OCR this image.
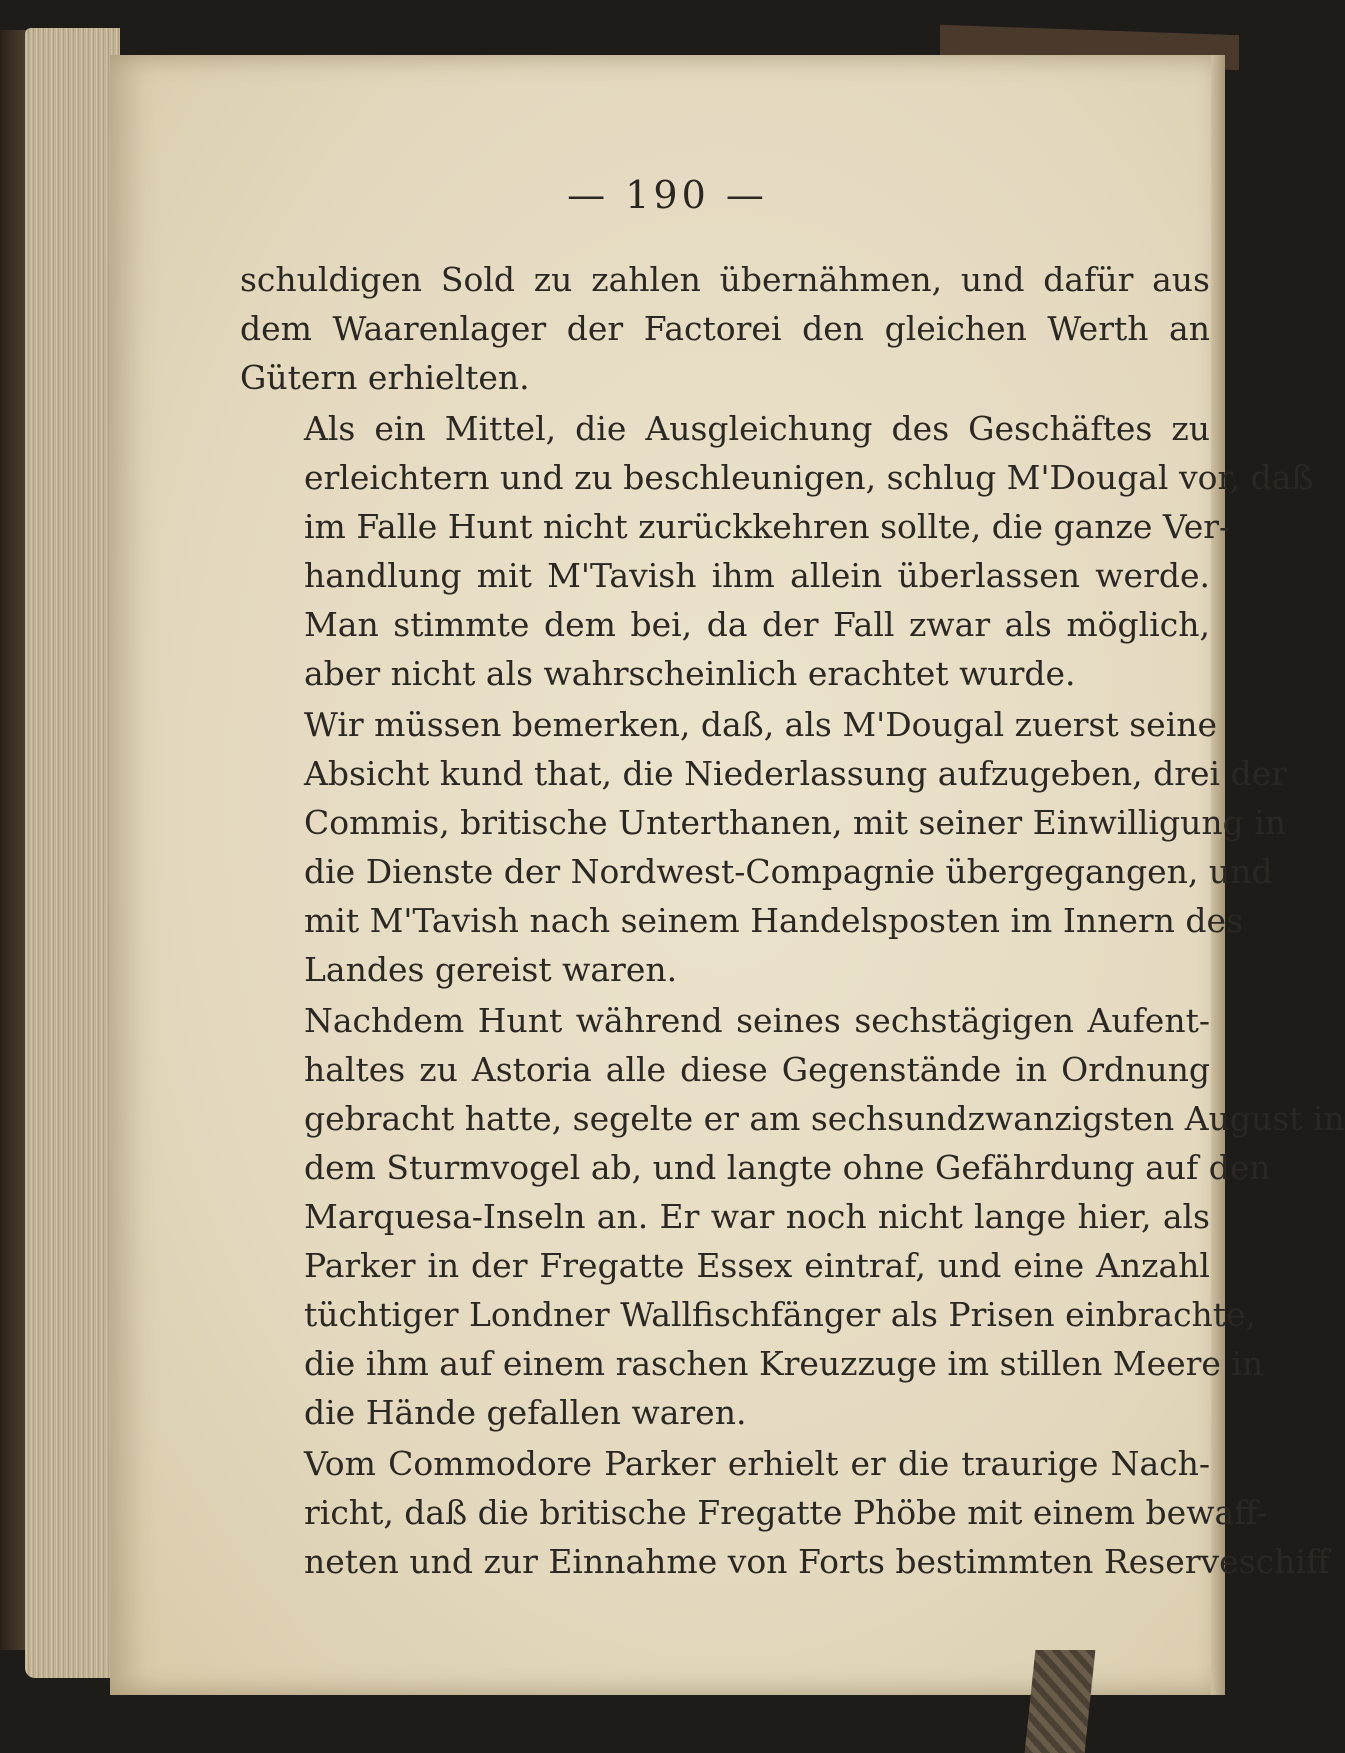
— 190 —

schuldigen Sold zu zahlen übernähmen, und dafür aus
dem Waarenlager der Factorei den gleichen Werth an
Gütern erhielten.

Als ein Mittel, die Ausgleichung des Geschäftes zu
erleichtern und zu beschleunigen, schlug M'Dougal vor, daß
im Falle Hunt nicht zurückkehren sollte, die ganze Ver-
handlung mit M'Tavish ihm allein überlassen werde.
Man stimmte dem bei, da der Fall zwar als möglich,
aber nicht als wahrscheinlich erachtet wurde.

Wir müssen bemerken, daß, als M'Dougal zuerst seine
Absicht kund that, die Niederlassung aufzugeben, drei der
Commis, britische Unterthanen, mit seiner Einwilligung in
die Dienste der Nordwest-Compagnie übergegangen, und
mit M'Tavish nach seinem Handelsposten im Innern des
Landes gereist waren.

Nachdem Hunt während seines sechstägigen Aufent-
haltes zu Astoria alle diese Gegenstände in Ordnung
gebracht hatte, segelte er am sechsundzwanzigsten August in
dem Sturmvogel ab, und langte ohne Gefährdung auf den
Marquesa-Inseln an. Er war noch nicht lange hier, als
Parker in der Fregatte Essex eintraf, und eine Anzahl
tüchtiger Londner Wallfischfänger als Prisen einbrachte,
die ihm auf einem raschen Kreuzzuge im stillen Meere in
die Hände gefallen waren.

Vom Commodore Parker erhielt er die traurige Nach-
richt, daß die britische Fregatte Phöbe mit einem bewaff-
neten und zur Einnahme von Forts bestimmten Reserveschiff
